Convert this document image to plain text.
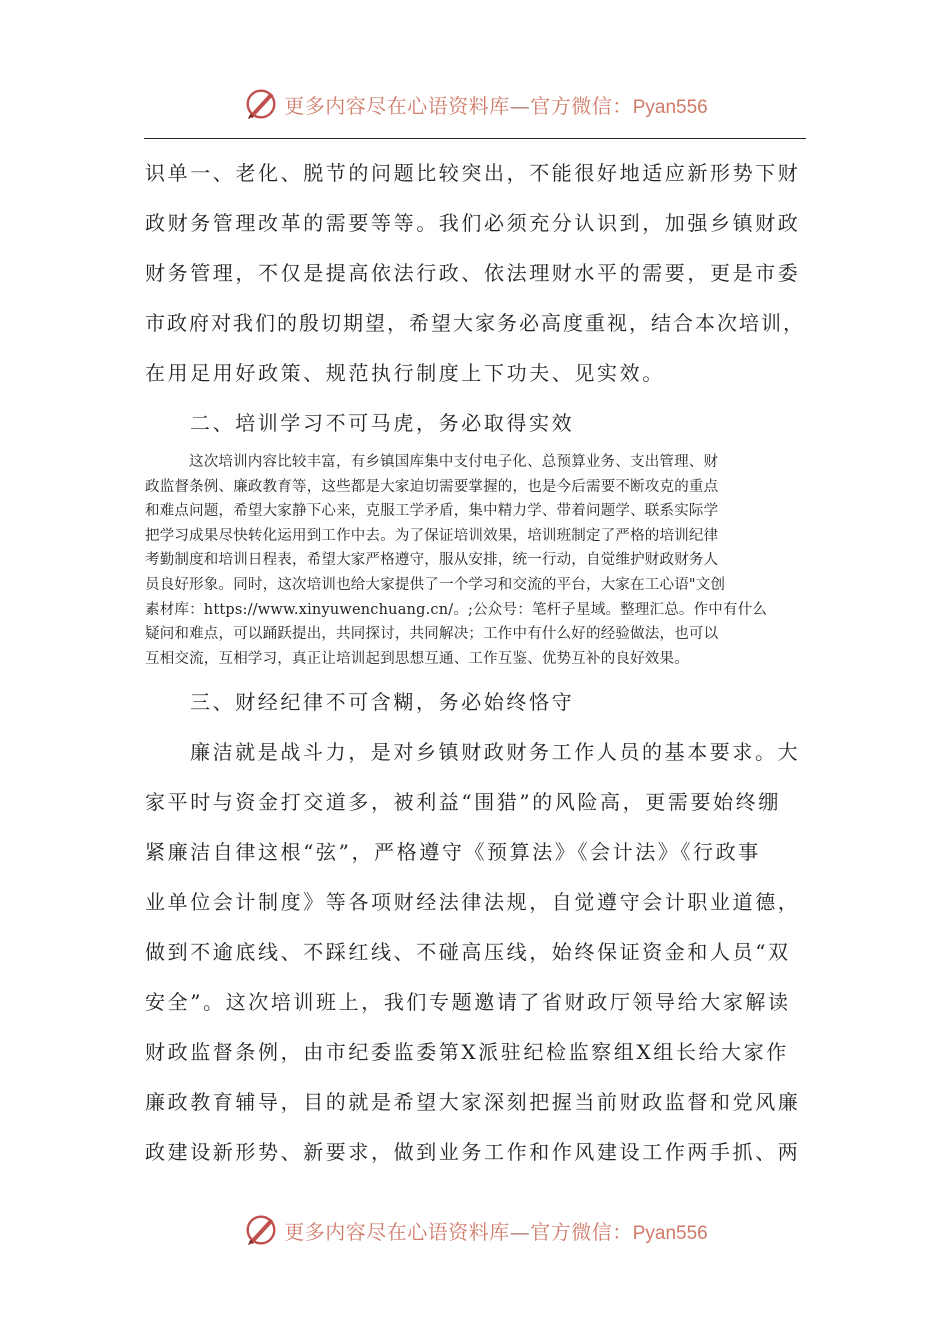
更多内容尽在心语资料库—官方微信：Pyan556
识单一、老化、脱节的问题比较突出，不能很好地适应新形势下财
政财务管理改革的需要等等。我们必须充分认识到，加强乡镇财政
财务管理，不仅是提高依法行政、依法理财水平的需要，更是市委
市政府对我们的殷切期望，希望大家务必高度重视，结合本次培训，
在用足用好政策、规范执行制度上下功夫、见实效。
二、培训学习不可马虎，务必取得实效
这次培训内容比较丰富，有乡镇国库集中支付电子化、总预算业务、支出管理、财
政监督条例、廉政教育等，这些都是大家迫切需要掌握的，也是今后需要不断攻克的重点
和难点问题，希望大家静下心来，克服工学矛盾，集中精力学、带着问题学、联系实际学
把学习成果尽快转化运用到工作中去。为了保证培训效果，培训班制定了严格的培训纪律
考勤制度和培训日程表，希望大家严格遵守，服从安排，统一行动，自觉维护财政财务人
员良好形象。同时，这次培训也给大家提供了一个学习和交流的平台，大家在工心语"文创
素材库：https://www.xinyuwenchuang.cn/。;公众号：笔杆子星域。整理汇总。作中有什么
疑问和难点，可以踊跃提出，共同探讨，共同解决；工作中有什么好的经验做法，也可以
互相交流，互相学习，真正让培训起到思想互通、工作互鉴、优势互补的良好效果。
三、财经纪律不可含糊，务必始终恪守
廉洁就是战斗力，是对乡镇财政财务工作人员的基本要求。大
家平时与资金打交道多，被利益“围猎”的风险高，更需要始终绷
紧廉洁自律这根“弦”，严格遵守《预算法》《会计法》《行政事
业单位会计制度》等各项财经法律法规，自觉遵守会计职业道德，
做到不逾底线、不踩红线、不碰高压线，始终保证资金和人员“双
安全”。这次培训班上，我们专题邀请了省财政厅领导给大家解读
财政监督条例，由市纪委监委第X派驻纪检监察组X组长给大家作
廉政教育辅导，目的就是希望大家深刻把握当前财政监督和党风廉
政建设新形势、新要求，做到业务工作和作风建设工作两手抓、两
更多内容尽在心语资料库—官方微信：Pyan556
